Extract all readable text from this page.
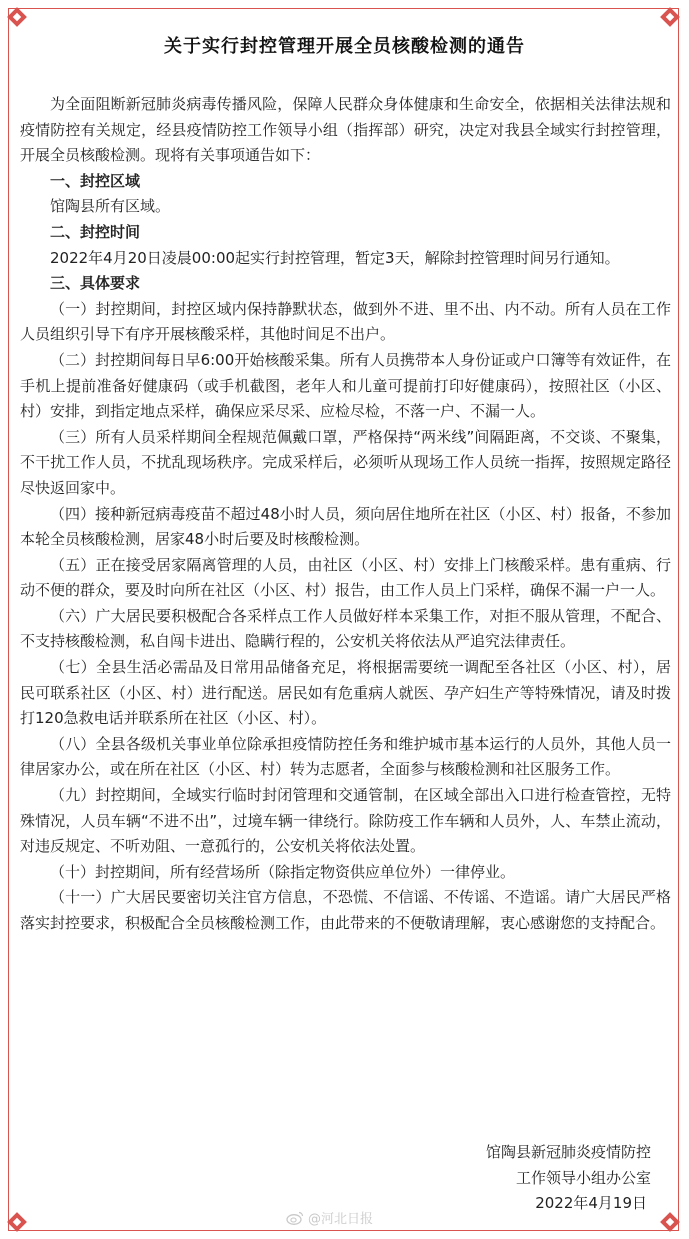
关于实行封控管理开展全员核酸检测的通告

为全面阻断新冠肺炎病毒传播风险，保障人民群众身体健康和生命安全，依据相关法律法规和疫情防控有关规定，经县疫情防控工作领导小组（指挥部）研究，决定对我县全域实行封控管理，开展全员核酸检测。现将有关事项通告如下：

一、封控区域

馆陶县所有区域。

二、封控时间

2022年4月20日凌晨00:00起实行封控管理，暂定3天，解除封控管理时间另行通知。

三、具体要求

（一）封控期间，封控区域内保持静默状态，做到外不进、里不出、内不动。所有人员在工作人员组织引导下有序开展核酸采样，其他时间足不出户。

（二）封控期间每日早6:00开始核酸采集。所有人员携带本人身份证或户口簿等有效证件，在手机上提前准备好健康码（或手机截图，老年人和儿童可提前打印好健康码），按照社区（小区、村）安排，到指定地点采样，确保应采尽采、应检尽检，不落一户、不漏一人。

（三）所有人员采样期间全程规范佩戴口罩，严格保持“两米线”间隔距离，不交谈、不聚集，不干扰工作人员，不扰乱现场秩序。完成采样后，必须听从现场工作人员统一指挥，按照规定路径尽快返回家中。

（四）接种新冠病毒疫苗不超过48小时人员，须向居住地所在社区（小区、村）报备，不参加本轮全员核酸检测，居家48小时后要及时核酸检测。

（五）正在接受居家隔离管理的人员，由社区（小区、村）安排上门核酸采样。患有重病、行动不便的群众，要及时向所在社区（小区、村）报告，由工作人员上门采样，确保不漏一户一人。

（六）广大居民要积极配合各采样点工作人员做好样本采集工作，对拒不服从管理，不配合、不支持核酸检测，私自闯卡进出、隐瞒行程的，公安机关将依法从严追究法律责任。

（七）全县生活必需品及日常用品储备充足，将根据需要统一调配至各社区（小区、村），居民可联系社区（小区、村）进行配送。居民如有危重病人就医、孕产妇生产等特殊情况，请及时拨打120急救电话并联系所在社区（小区、村）。

（八）全县各级机关事业单位除承担疫情防控任务和维护城市基本运行的人员外，其他人员一律居家办公，或在所在社区（小区、村）转为志愿者，全面参与核酸检测和社区服务工作。

（九）封控期间，全域实行临时封闭管理和交通管制，在区域全部出入口进行检查管控，无特殊情况，人员车辆“不进不出”，过境车辆一律绕行。除防疫工作车辆和人员外，人、车禁止流动，对违反规定、不听劝阻、一意孤行的，公安机关将依法处置。

（十）封控期间，所有经营场所（除指定物资供应单位外）一律停业。

（十一）广大居民要密切关注官方信息，不恐慌、不信谣、不传谣、不造谣。请广大居民严格落实封控要求，积极配合全员核酸检测工作，由此带来的不便敬请理解，衷心感谢您的支持配合。

馆陶县新冠肺炎疫情防控
工作领导小组办公室
2022年4月19日
@河北日报
